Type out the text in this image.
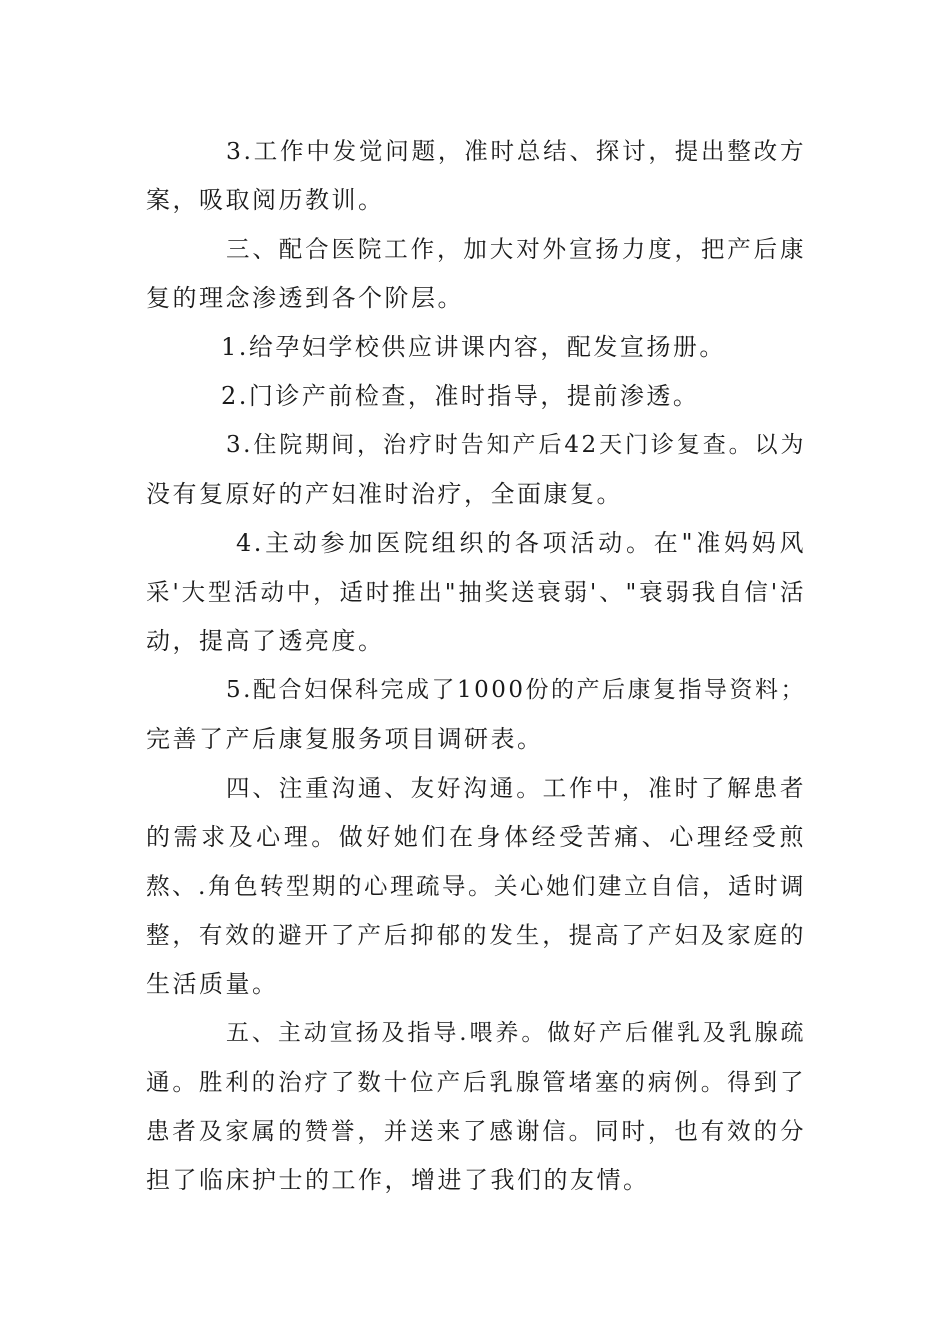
3.工作中发觉问题，准时总结、探讨，提出整改方
案，吸取阅历教训。
三、配合医院工作，加大对外宣扬力度，把产后康
复的理念渗透到各个阶层。
1.给孕妇学校供应讲课内容，配发宣扬册。
2.门诊产前检查，准时指导，提前渗透。
3.住院期间，治疗时告知产后42天门诊复查。以为
没有复原好的产妇准时治疗，全面康复。
4.主动参加医院组织的各项活动。在"准妈妈风
采'大型活动中，适时推出"抽奖送衰弱'、"衰弱我自信'活
动，提高了透亮度。
5.配合妇保科完成了1000份的产后康复指导资料；
完善了产后康复服务项目调研表。
四、注重沟通、友好沟通。工作中，准时了解患者
的需求及心理。做好她们在身体经受苦痛、心理经受煎
熬、.角色转型期的心理疏导。关心她们建立自信，适时调
整，有效的避开了产后抑郁的发生，提高了产妇及家庭的
生活质量。
五、主动宣扬及指导.喂养。做好产后催乳及乳腺疏
通。胜利的治疗了数十位产后乳腺管堵塞的病例。得到了
患者及家属的赞誉，并送来了感谢信。同时，也有效的分
担了临床护士的工作，增进了我们的友情。
